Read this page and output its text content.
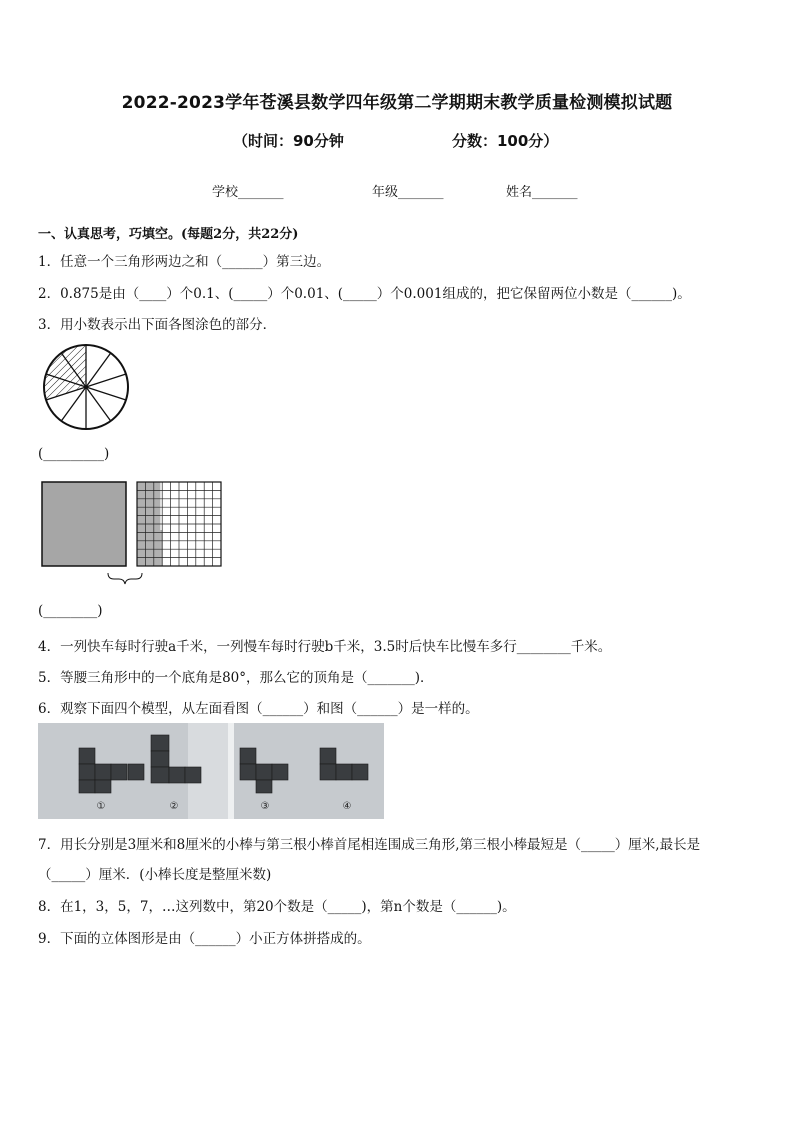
2022-2023学年苍溪县数学四年级第二学期期末教学质量检测模拟试题
（时间：90分钟	分数：100分）
学校_______	年级_______	姓名_______
一、认真思考，巧填空。(每题2分，共22分)
1．任意一个三角形两边之和（______）第三边。
2．0.875是由（____）个0.1、(_____）个0.01、(_____）个0.001组成的，把它保留两位小数是（______)。
3．用小数表示出下面各图涂色的部分．
(_________)
(________)
4．一列快车每时行驶a千米，一列慢车每时行驶b千米，3.5时后快车比慢车多行________千米。
5．等腰三角形中的一个底角是80°，那么它的顶角是（_______)．
6．观察下面四个模型，从左面看图（______）和图（______）是一样的。
①	②	③	④
7．用长分别是3厘米和8厘米的小棒与第三根小棒首尾相连围成三角形,第三根小棒最短是（_____）厘米,最长是
（_____）厘米．(小棒长度是整厘米数)
8．在1，3，5，7，…这列数中，第20个数是（_____)，第n个数是（______)。
9．下面的立体图形是由（______）小正方体拼搭成的。
